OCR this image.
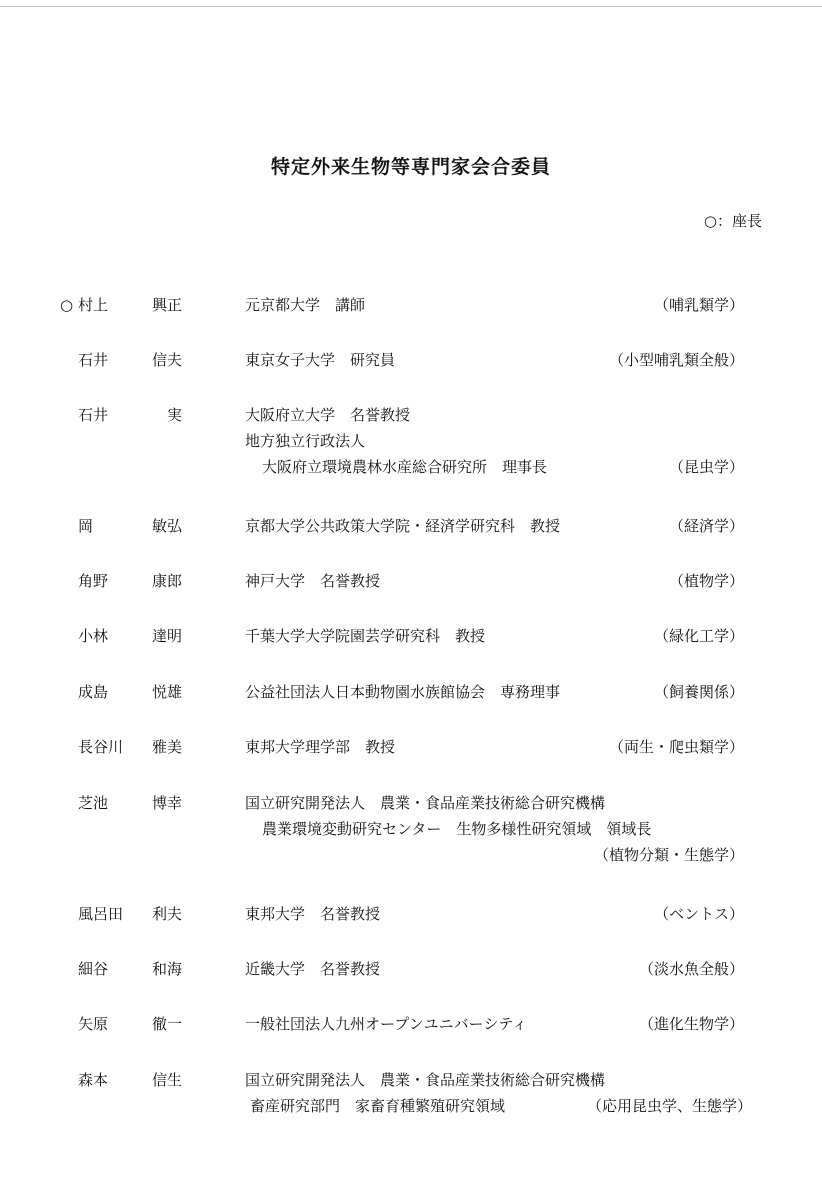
特定外来生物等専門家会合委員
○：座長
○ 村上	興正	元京都大学　講師	（哺乳類学）
石井	信夫	東京女子大学　研究員	（小型哺乳類全般）
石井	実	大阪府立大学　名誉教授
地方独立行政法人
大阪府立環境農林水産総合研究所　理事長	（昆虫学）
岡	敏弘	京都大学公共政策大学院・経済学研究科　教授	（経済学）
角野	康郎	神戸大学　名誉教授	（植物学）
小林	達明	千葉大学大学院園芸学研究科　教授	（緑化工学）
成島	悦雄	公益社団法人日本動物園水族館協会　専務理事	（飼養関係）
長谷川 雅美	東邦大学理学部　教授	（両生・爬虫類学）
芝池	博幸	国立研究開発法人　農業・食品産業技術総合研究機構
農業環境変動研究センター　生物多様性研究領域　領域長
（植物分類・生態学）
風呂田 利夫	東邦大学　名誉教授	（ベントス）
細谷	和海	近畿大学　名誉教授	（淡水魚全般）
矢原	徹一	一般社団法人九州オープンユニバーシティ	（進化生物学）
森本	信生	国立研究開発法人　農業・食品産業技術総合研究機構
畜産研究部門　家畜育種繁殖研究領域	（応用昆虫学、生態学）
